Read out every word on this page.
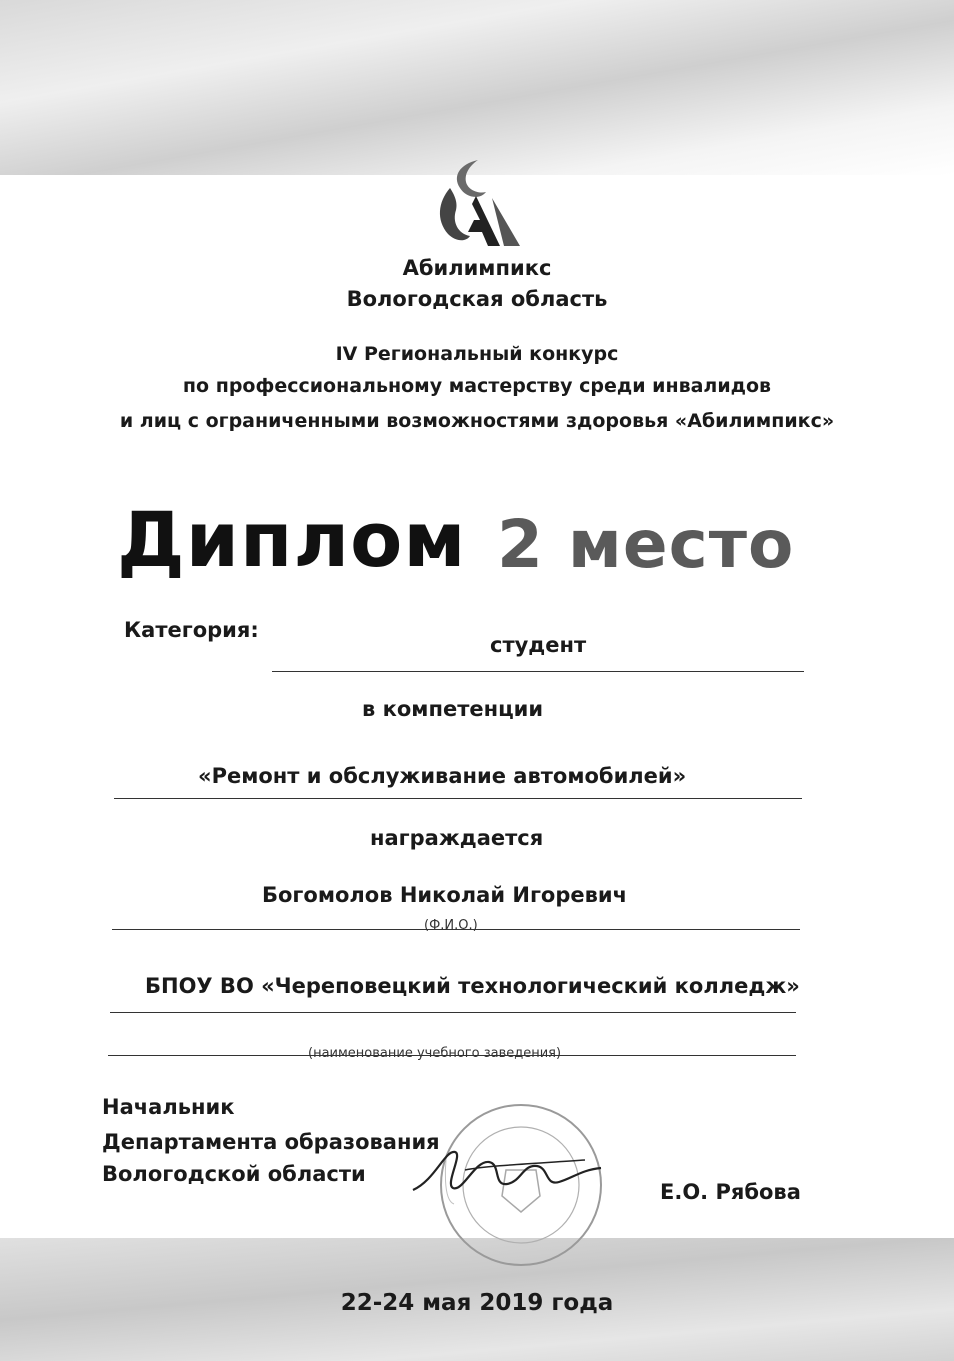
Абилимпикс
Вологодская область
IV Региональный конкурс
по профессиональному мастерству среди инвалидов
и лиц с ограниченными возможностями здоровья «Абилимпикс»
Диплом 2 место
Категория:
студент
в компетенции
«Ремонт и обслуживание автомобилей»
награждается
Богомолов Николай Игоревич
(Ф.И.О.)
БПОУ ВО «Череповецкий технологический колледж»
(наименование учебного заведения)
Начальник
Департамента образования
Вологодской области
Е.О. Рябова
22-24 мая 2019 года
